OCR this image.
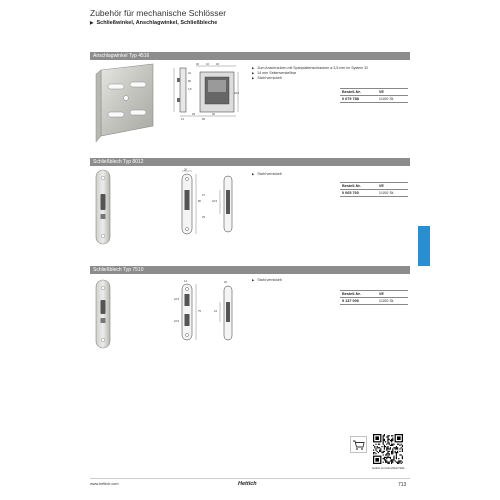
Zubehör für mechanische Schlösser
▶ Schließwinkel, Anschlagwinkel, Schließbleche
Anschlagwinkel Typ 4516
32	16	32
24
80
32,5
4,5
40
29
60
14
▶ Zum Anschrauben mit Spanplattenschrauben ø 3,5 mm im System 32
▶ 14 mm Seitenverstellbar
▶ Stahl vernickelt
Bestell-Nr.	VE
0 079 788	1/100 St.
Schließblech Typ 8012
80
27
22,5
20
25
▶ Stahl vernickelt
Bestell-Nr.	VE
0 065 760	1/100 St.
Schließblech Typ 7510
14
22,5
75
22,5
24
20
▶ Stahl vernickelt
Bestell-Nr.	VE
9 137 000	1/100 St.
hettich.com/shortlink/79ab
www.hettich.com	Hettich	713
